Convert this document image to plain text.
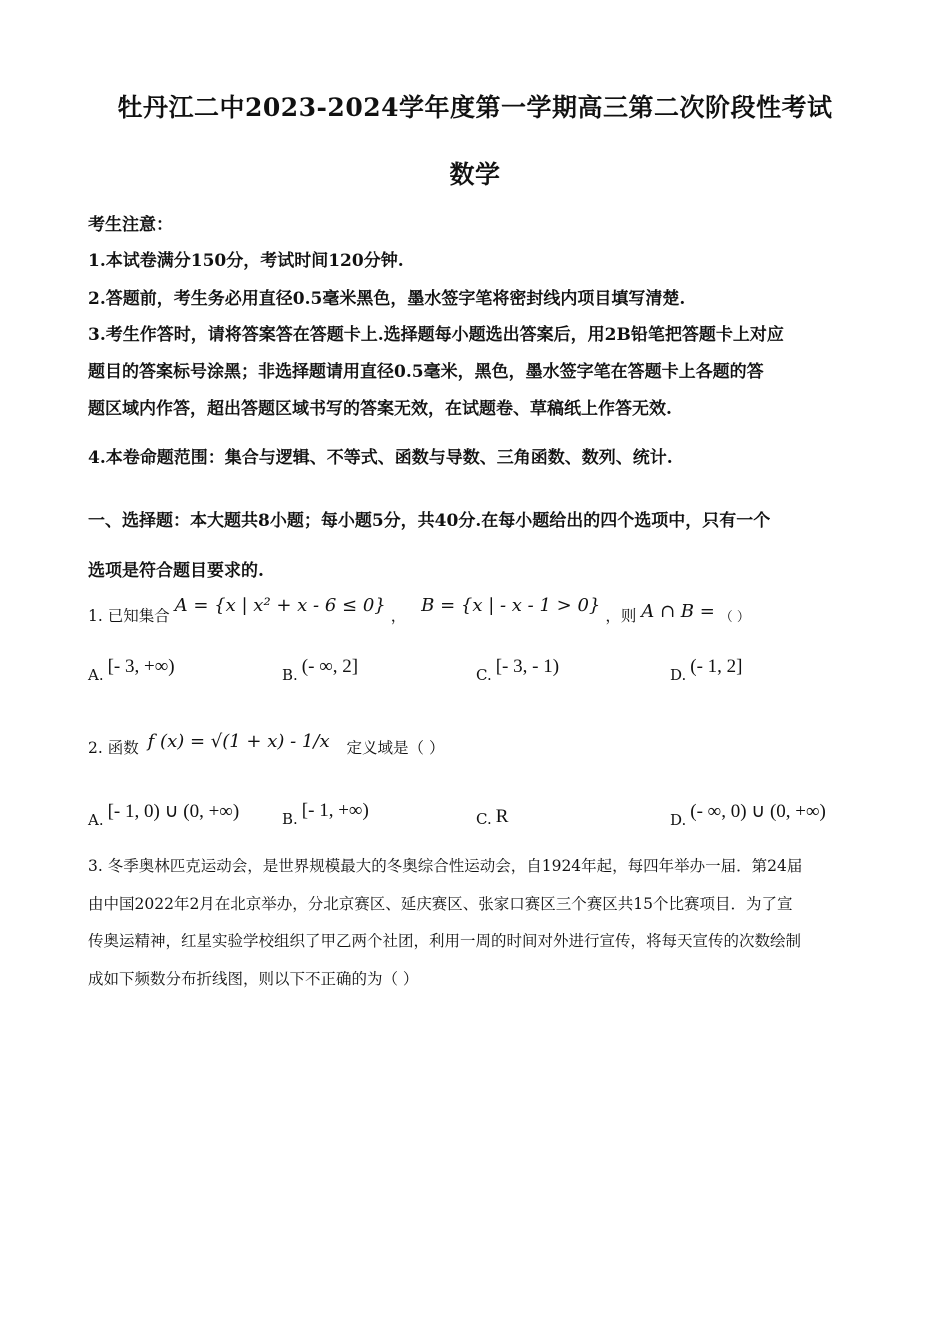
牡丹江二中2023-2024学年度第一学期高三第二次阶段性考试
数学
考生注意：
1.本试卷满分150分，考试时间120分钟.
2.答题前，考生务必用直径0.5毫米黑色，墨水签字笔将密封线内项目填写清楚.
3.考生作答时，请将答案答在答题卡上.选择题每小题选出答案后，用2B铅笔把答题卡上对应
题目的答案标号涂黑；非选择题请用直径0.5毫米，黑色，墨水签字笔在答题卡上各题的答
题区域内作答，超出答题区域书写的答案无效，在试题卷、草稿纸上作答无效.
4.本卷命题范围：集合与逻辑、不等式、函数与导数、三角函数、数列、统计.
一、选择题：本大题共8小题；每小题5分，共40分.在每小题给出的四个选项中，只有一个
选项是符合题目要求的.
1. 已知集合 A = {x | x² + x - 6 ≤ 0} ， B = {x | - x - 1 > 0} ，则 A ∩ B = （ ）
A. [- 3, +∞)	B. (- ∞, 2]	C. [- 3, - 1)	D. (- 1, 2]
2. 函数 f (x) = √(1 + x) - 1/x 定义域是（ ）
A. [- 1, 0) ∪ (0, +∞)	B. [- 1, +∞)	C. R	D. (- ∞, 0) ∪ (0, +∞)
3. 冬季奥林匹克运动会，是世界规模最大的冬奥综合性运动会，自1924年起，每四年举办一届．第24届
由中国2022年2月在北京举办，分北京赛区、延庆赛区、张家口赛区三个赛区共15个比赛项目．为了宣
传奥运精神，红星实验学校组织了甲乙两个社团，利用一周的时间对外进行宣传，将每天宣传的次数绘制
成如下频数分布折线图，则以下不正确的为（ ）
